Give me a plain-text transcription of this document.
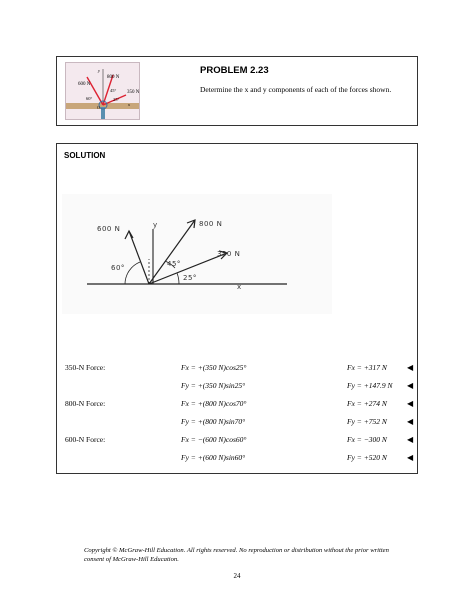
600 N
800 N
350 N
60°
45°
25°
y
x
O
PROBLEM 2.23
Determine the x and y components of each of the forces shown.
SOLUTION
600 N	y	800 N
350 N
45°
60°
25°
x
350-N Force:	Fx = +(350 N)cos25°	Fx = +317 N	◀
Fy = +(350 N)sin25°	Fy = +147.9 N ◀
800-N Force:	Fx = +(800 N)cos70°	Fx = +274 N	◀
Fy = +(800 N)sin70°	Fy = +752 N	◀
600-N Force:	Fx = −(600 N)cos60°	Fx = −300 N	◀
Fy = +(600 N)sin60°	Fy = +520 N	◀
Copyright © McGraw-Hill Education. All rights reserved. No reproduction or distribution without the prior written consent of McGraw-Hill Education.
24
